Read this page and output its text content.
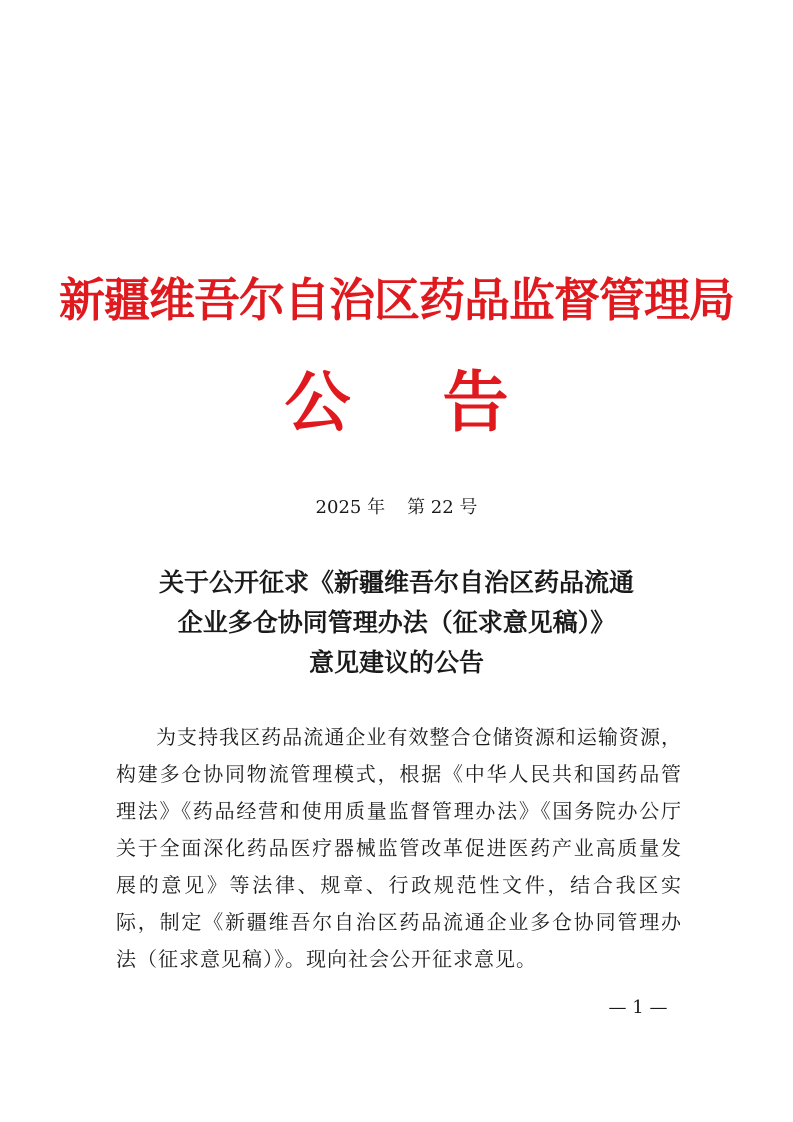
新疆维吾尔自治区药品监督管理局
公 告
2025 年 第 22 号
关于公开征求《新疆维吾尔自治区药品流通
企业多仓协同管理办法（征求意见稿）》
意见建议的公告

为支持我区药品流通企业有效整合仓储资源和运输资源，构建多仓协同物流管理模式，根据《中华人民共和国药品管理法》《药品经营和使用质量监督管理办法》《国务院办公厅关于全面深化药品医疗器械监管改革促进医药产业高质量发展的意见》等法律、规章、行政规范性文件，结合我区实际，制定《新疆维吾尔自治区药品流通企业多仓协同管理办法（征求意见稿）》。现向社会公开征求意见。

— 1 —
